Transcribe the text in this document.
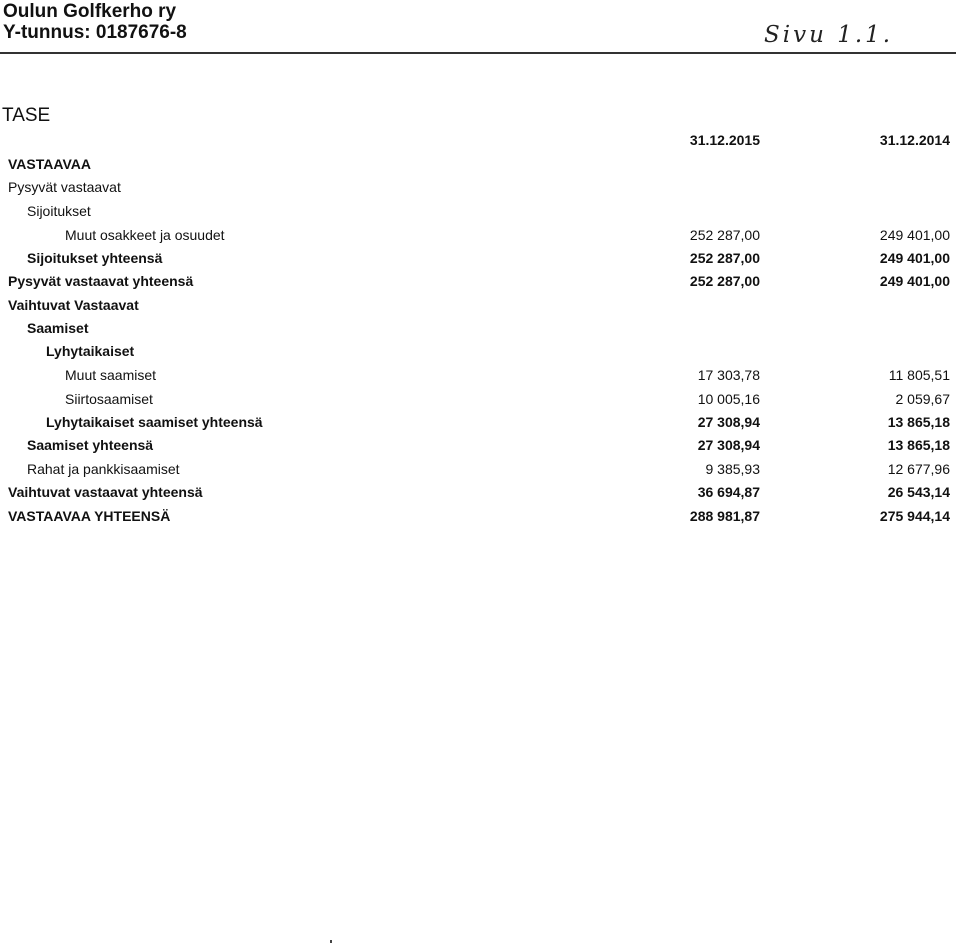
Oulun Golfkerho ry
Y-tunnus: 0187676-8	Sivu 1.1.
TASE
31.12.2015	31.12.2014
VASTAAVAA
Pysyvät vastaavat
Sijoitukset
Muut osakkeet ja osuudet	252 287,00	249 401,00
Sijoitukset yhteensä	252 287,00	249 401,00
Pysyvät vastaavat yhteensä	252 287,00	249 401,00
Vaihtuvat Vastaavat
Saamiset
Lyhytaikaiset
Muut saamiset	17 303,78	11 805,51
Siirtosaamiset	10 005,16	2 059,67
Lyhytaikaiset saamiset yhteensä	27 308,94	13 865,18
Saamiset yhteensä	27 308,94	13 865,18
Rahat ja pankkisaamiset	9 385,93	12 677,96
Vaihtuvat vastaavat yhteensä	36 694,87	26 543,14
VASTAAVAA YHTEENSÄ	288 981,87	275 944,14
